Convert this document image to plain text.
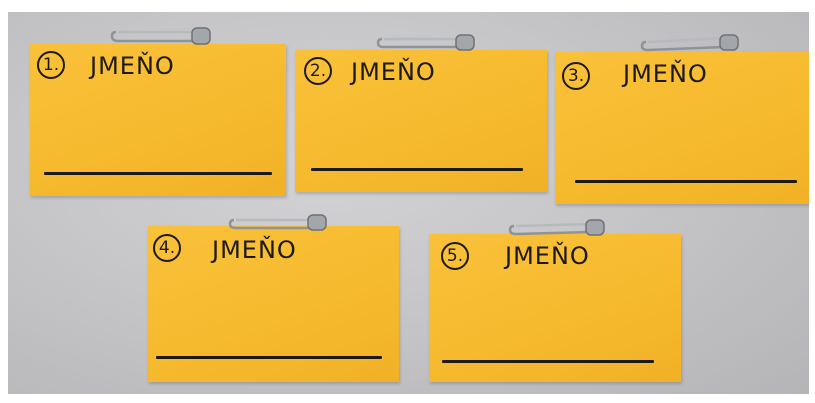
1. JMEŇO	2. JMEŇO	3. JMEŇO
4. JMEŇO	5. JMEŇO
